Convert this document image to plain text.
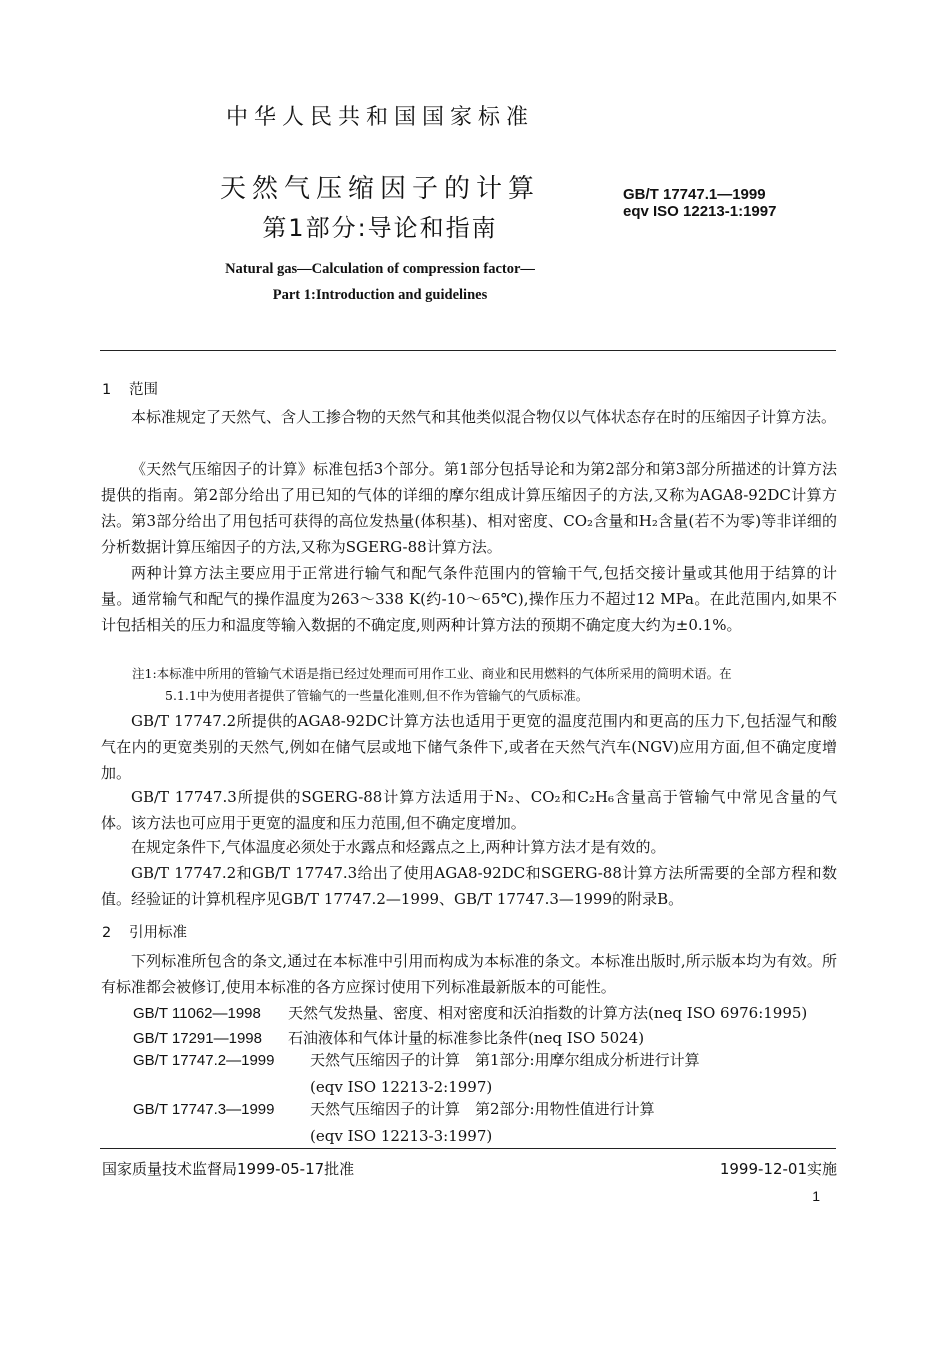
中华人民共和国国家标准
天然气压缩因子的计算
第1部分:导论和指南
GB/T 17747.1—1999
eqv ISO 12213-1:1997
Natural gas—Calculation of compression factor—
Part 1:Introduction and guidelines
1 范围
本标准规定了天然气、含人工掺合物的天然气和其他类似混合物仅以气体状态存在时的压缩因子计算方法。
《天然气压缩因子的计算》标准包括3个部分。第1部分包括导论和为第2部分和第3部分所描述的计算方法提供的指南。第2部分给出了用已知的气体的详细的摩尔组成计算压缩因子的方法,又称为AGA8-92DC计算方法。第3部分给出了用包括可获得的高位发热量(体积基)、相对密度、CO₂含量和H₂含量(若不为零)等非详细的分析数据计算压缩因子的方法,又称为SGERG-88计算方法。
两种计算方法主要应用于正常进行输气和配气条件范围内的管输干气,包括交接计量或其他用于结算的计量。通常输气和配气的操作温度为263～338 K(约-10～65℃),操作压力不超过12 MPa。在此范围内,如果不计包括相关的压力和温度等输入数据的不确定度,则两种计算方法的预期不确定度大约为±0.1%。
注1:本标准中所用的管输气术语是指已经过处理而可用作工业、商业和民用燃料的气体所采用的简明术语。在
5.1.1中为使用者提供了管输气的一些量化准则,但不作为管输气的气质标准。
GB/T 17747.2所提供的AGA8-92DC计算方法也适用于更宽的温度范围内和更高的压力下,包括湿气和酸气在内的更宽类别的天然气,例如在储气层或地下储气条件下,或者在天然气汽车(NGV)应用方面,但不确定度增加。
GB/T 17747.3所提供的SGERG-88计算方法适用于N₂、CO₂和C₂H₆含量高于管输气中常见含量的气体。该方法也可应用于更宽的温度和压力范围,但不确定度增加。
在规定条件下,气体温度必须处于水露点和烃露点之上,两种计算方法才是有效的。
GB/T 17747.2和GB/T 17747.3给出了使用AGA8-92DC和SGERG-88计算方法所需要的全部方程和数值。经验证的计算机程序见GB/T 17747.2—1999、GB/T 17747.3—1999的附录B。
2 引用标准
下列标准所包含的条文,通过在本标准中引用而构成为本标准的条文。本标准出版时,所示版本均为有效。所有标准都会被修订,使用本标准的各方应探讨使用下列标准最新版本的可能性。
GB/T 11062—1998 天然气发热量、密度、相对密度和沃泊指数的计算方法(neq ISO 6976:1995)
GB/T 17291—1998 石油液体和气体计量的标准参比条件(neq ISO 5024)
GB/T 17747.2—1999 天然气压缩因子的计算　第1部分:用摩尔组成分析进行计算
(eqv ISO 12213-2:1997)
GB/T 17747.3—1999 天然气压缩因子的计算　第2部分:用物性值进行计算
(eqv ISO 12213-3:1997)
国家质量技术监督局1999-05-17批准	1999-12-01实施
1
